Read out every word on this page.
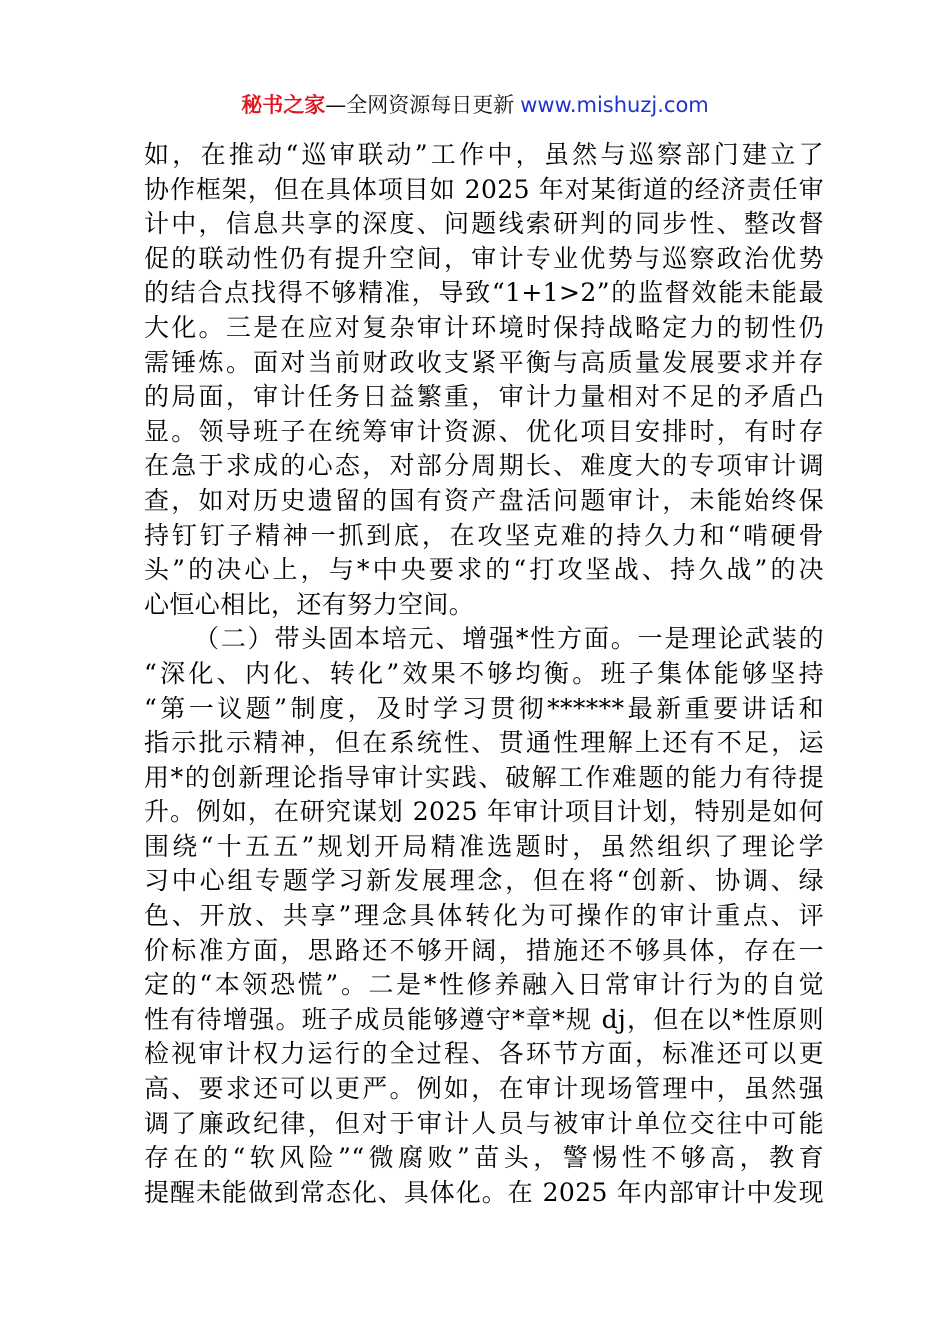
秘书之家—全网资源每日更新 www.mishuzj.com
如，在推动“巡审联动”工作中，虽然与巡察部门建立了
协作框架，但在具体项目如 2025 年对某街道的经济责任审
计中，信息共享的深度、问题线索研判的同步性、整改督
促的联动性仍有提升空间，审计专业优势与巡察政治优势
的结合点找得不够精准，导致“1+1>2”的监督效能未能最
大化。三是在应对复杂审计环境时保持战略定力的韧性仍
需锤炼。面对当前财政收支紧平衡与高质量发展要求并存
的局面，审计任务日益繁重，审计力量相对不足的矛盾凸
显。领导班子在统筹审计资源、优化项目安排时，有时存
在急于求成的心态，对部分周期长、难度大的专项审计调
查，如对历史遗留的国有资产盘活问题审计，未能始终保
持钉钉子精神一抓到底，在攻坚克难的持久力和“啃硬骨
头”的决心上，与*中央要求的“打攻坚战、持久战”的决
心恒心相比，还有努力空间。
（二）带头固本培元、增强*性方面。一是理论武装的
“深化、内化、转化”效果不够均衡。班子集体能够坚持
“第一议题”制度，及时学习贯彻******最新重要讲话和
指示批示精神，但在系统性、贯通性理解上还有不足，运
用*的创新理论指导审计实践、破解工作难题的能力有待提
升。例如，在研究谋划 2025 年审计项目计划，特别是如何
围绕“十五五”规划开局精准选题时，虽然组织了理论学
习中心组专题学习新发展理念，但在将“创新、协调、绿
色、开放、共享”理念具体转化为可操作的审计重点、评
价标准方面，思路还不够开阔，措施还不够具体，存在一
定的“本领恐慌”。二是*性修养融入日常审计行为的自觉
性有待增强。班子成员能够遵守*章*规 dj，但在以*性原则
检视审计权力运行的全过程、各环节方面，标准还可以更
高、要求还可以更严。例如，在审计现场管理中，虽然强
调了廉政纪律，但对于审计人员与被审计单位交往中可能
存在的“软风险”“微腐败”苗头，警惕性不够高，教育
提醒未能做到常态化、具体化。在 2025 年内部审计中发现
